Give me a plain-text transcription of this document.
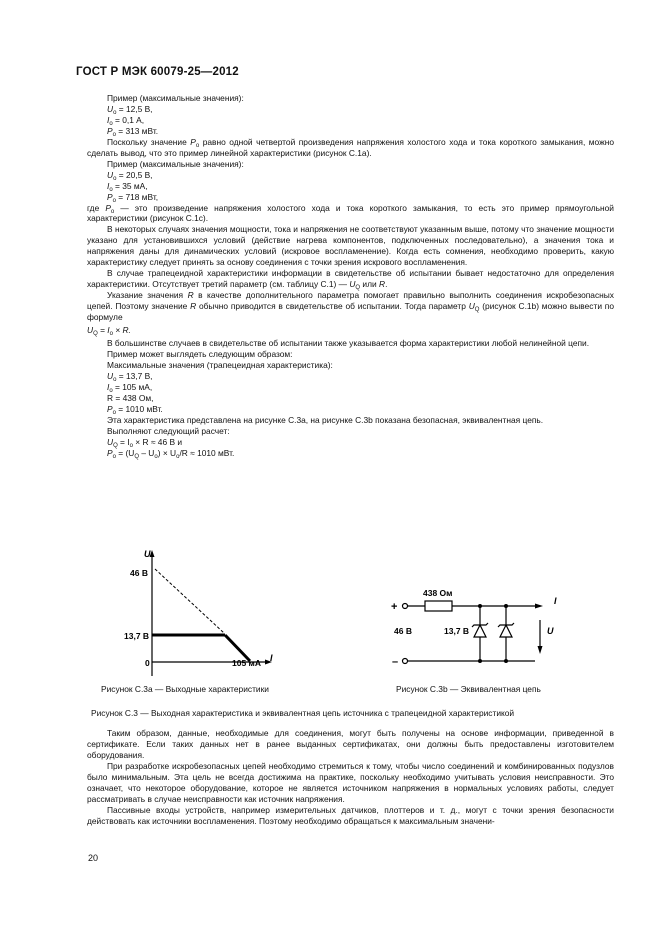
ГОСТ Р МЭК 60079-25—2012

Пример (максимальные значения):

$U_o = 12,5$ В,

$I_o = 0,1$ А,

$P_o = 313$ мВт.

Поскольку значение $P_o$ равно одной четвертой произведения напряжения холостого хода и тока короткого замыкания, можно сделать вывод, что это пример линейной характеристики (рисунок С.1а).

Пример (максимальные значения):

$U_o = 20,5$ В,

$I_o = 35$ мА,

$P_o = 718$ мВт,

где $P_o$ — это произведение напряжения холостого хода и тока короткого замыкания, то есть это пример прямоугольной характеристики (рисунок С.1с).

В некоторых случаях значения мощности, тока и напряжения не соответствуют указанным выше, потому что значение мощности указано для установившихся условий (действие нагрева компонентов, подключенных последовательно), а значения тока и напряжения даны для динамических условий (искровое воспламенение). Когда есть сомнения, необходимо проверить, какую характеристику следует принять за основу соединения с точки зрения искрового воспламенения.

В случае трапецеидной характеристики информации в свидетельстве об испытании бывает недостаточно для определения характеристики. Отсутствует третий параметр (см. таблицу С.1) — $U_Q$ или R.

Указание значения R в качестве дополнительного параметра помогает правильно выполнить соединения искробезопасных цепей. Поэтому значение R обычно приводится в свидетельстве об испытании. Тогда параметр $U_Q$ (рисунок С.1b) можно вывести по формуле

$U_Q = I_o \times R$.

В большинстве случаев в свидетельстве об испытании также указывается форма характеристики любой нелинейной цепи.

Пример может выглядеть следующим образом:

Максимальные значения (трапецеидная характеристика):

$U_o = 13,7$ В,

$I_o = 105$ мА,

R = 438 Ом,

$P_o = 1010$ мВт.

Эта характеристика представлена на рисунке С.3а, на рисунке С.3b показана безопасная, эквивалентная цепь.

Выполняют следующий расчет:

$U_Q = I_o \times R \approx 46$ В и

$P_o = (U_Q - U_o) \times U_o/R \approx 1010$ мВт.

U
46 В
13,7 В
0	105 мА I
+
–
438 Ом
46 В	13,7 В
I
U
Рисунок С.3а — Выходные характеристики	Рисунок С.3b — Эквивалентная цепь
Рисунок С.3 — Выходная характеристика и эквивалентная цепь источника с трапецеидной характеристикой

Таким образом, данные, необходимые для соединения, могут быть получены на основе информации, приведенной в сертификате. Если таких данных нет в ранее выданных сертификатах, они должны быть предоставлены изготовителем оборудования.

При разработке искробезопасных цепей необходимо стремиться к тому, чтобы число соединений и комбинированных подузлов было минимальным. Эта цель не всегда достижима на практике, поскольку необходимо учитывать условия неисправности. Это означает, что некоторое оборудование, которое не является источником напряжения в нормальных условиях работы, следует рассматривать в случае неисправности как источник напряжения.

Пассивные входы устройств, например измерительных датчиков, плоттеров и т. д., могут с точки зрения безопасности действовать как источники воспламенения. Поэтому необходимо обращаться к максимальным значени-

20
